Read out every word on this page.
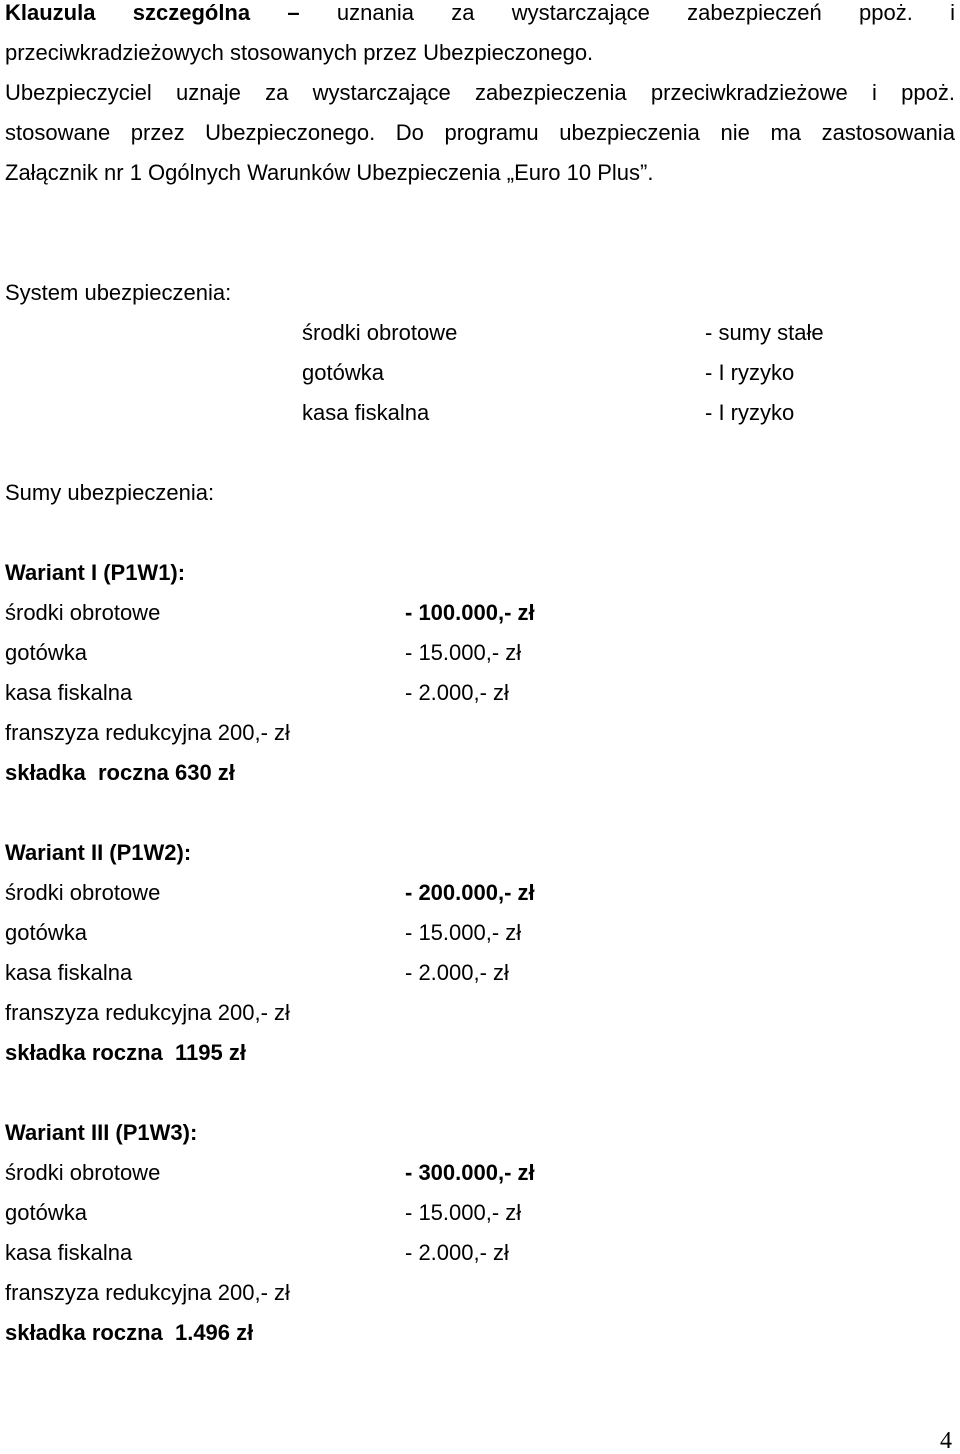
Klauzula szczególna – uznania za wystarczające zabezpieczeń ppoż. i
przeciwkradzieżowych stosowanych przez Ubezpieczonego.
Ubezpieczyciel uznaje za wystarczające zabezpieczenia przeciwkradzieżowe i ppoż.
stosowane przez Ubezpieczonego. Do programu ubezpieczenia nie ma zastosowania
Załącznik nr 1 Ogólnych Warunków Ubezpieczenia „Euro 10 Plus”.
System ubezpieczenia:
środki obrotowe	- sumy stałe
gotówka	- I ryzyko
kasa fiskalna	- I ryzyko
Sumy ubezpieczenia:
Wariant I (P1W1):
środki obrotowe	- 100.000,- zł
gotówka	- 15.000,- zł
kasa fiskalna	- 2.000,- zł
franszyza redukcyjna 200,- zł
składka  roczna 630 zł
Wariant II (P1W2):
środki obrotowe	- 200.000,- zł
gotówka	- 15.000,- zł
kasa fiskalna	- 2.000,- zł
franszyza redukcyjna 200,- zł
składka roczna  1195 zł
Wariant III (P1W3):
środki obrotowe	- 300.000,- zł
gotówka	- 15.000,- zł
kasa fiskalna	- 2.000,- zł
franszyza redukcyjna 200,- zł
składka roczna  1.496 zł
4
